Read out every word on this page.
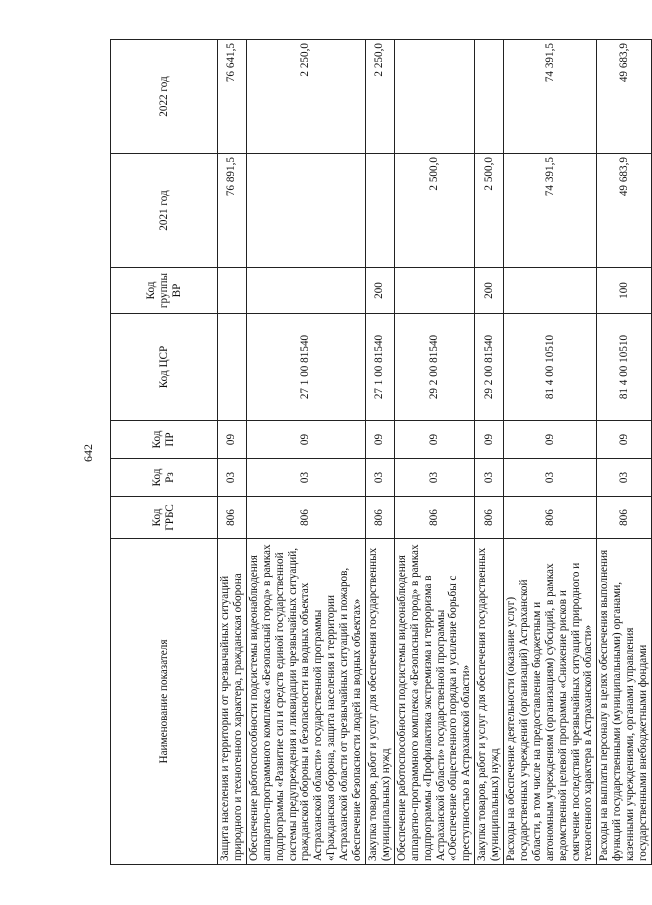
642
Наименование показателя	Код ГРБС	Код Рз	Код ПР	Код ЦСР	Код группы ВР	2021 год	2022 год
Защита населения и территории от чрезвычайных ситуаций природного и техногенного характера, гражданская оборона	806	03	09			76 891,5	76 641,5
Обеспечение работоспособности подсистемы видеонаблюдения аппаратно-программного комплекса «Безопасный город» в рамках подпрограммы «Развитие сил и средств единой государственной системы предупреждения и ликвидации чрезвычайных ситуаций, гражданской обороны и безопасности на водных объектах Астраханской области» государственной программы «Гражданская оборона, защита населения и территории Астраханской области от чрезвычайных ситуаций и пожаров, обеспечение безопасности людей на водных объектах»	806	03	09	27 1 00 81540			2 250,0
Закупка товаров, работ и услуг для обеспечения государственных (муниципальных) нужд	806	03	09	27 1 00 81540	200		2 250,0
Обеспечение работоспособности подсистемы видеонаблюдения аппаратно-программного комплекса «Безопасный город» в рамках подпрограммы «Профилактика экстремизма и терроризма в Астраханской области» государственной программы «Обеспечение общественного порядка и усиление борьбы с преступностью в Астраханской области»	806	03	09	29 2 00 81540		2 500,0	
Закупка товаров, работ и услуг для обеспечения государственных (муниципальных) нужд	806	03	09	29 2 00 81540	200	2 500,0	
Расходы на обеспечение деятельности (оказание услуг) государственных учреждений (организаций) Астраханской области, в том числе на предоставление бюджетным и автономным учреждениям (организациям) субсидий, в рамках ведомственной целевой программы «Снижение рисков и смягчение последствий чрезвычайных ситуаций природного и техногенного характера в Астраханской области»	806	03	09	81 4 00 10510		74 391,5	74 391,5
Расходы на выплаты персоналу в целях обеспечения выполнения функций государственными (муниципальными) органами, казенными учреждениями, органами управления государственными внебюджетными фондами	806	03	09	81 4 00 10510	100	49 683,9	49 683,9
